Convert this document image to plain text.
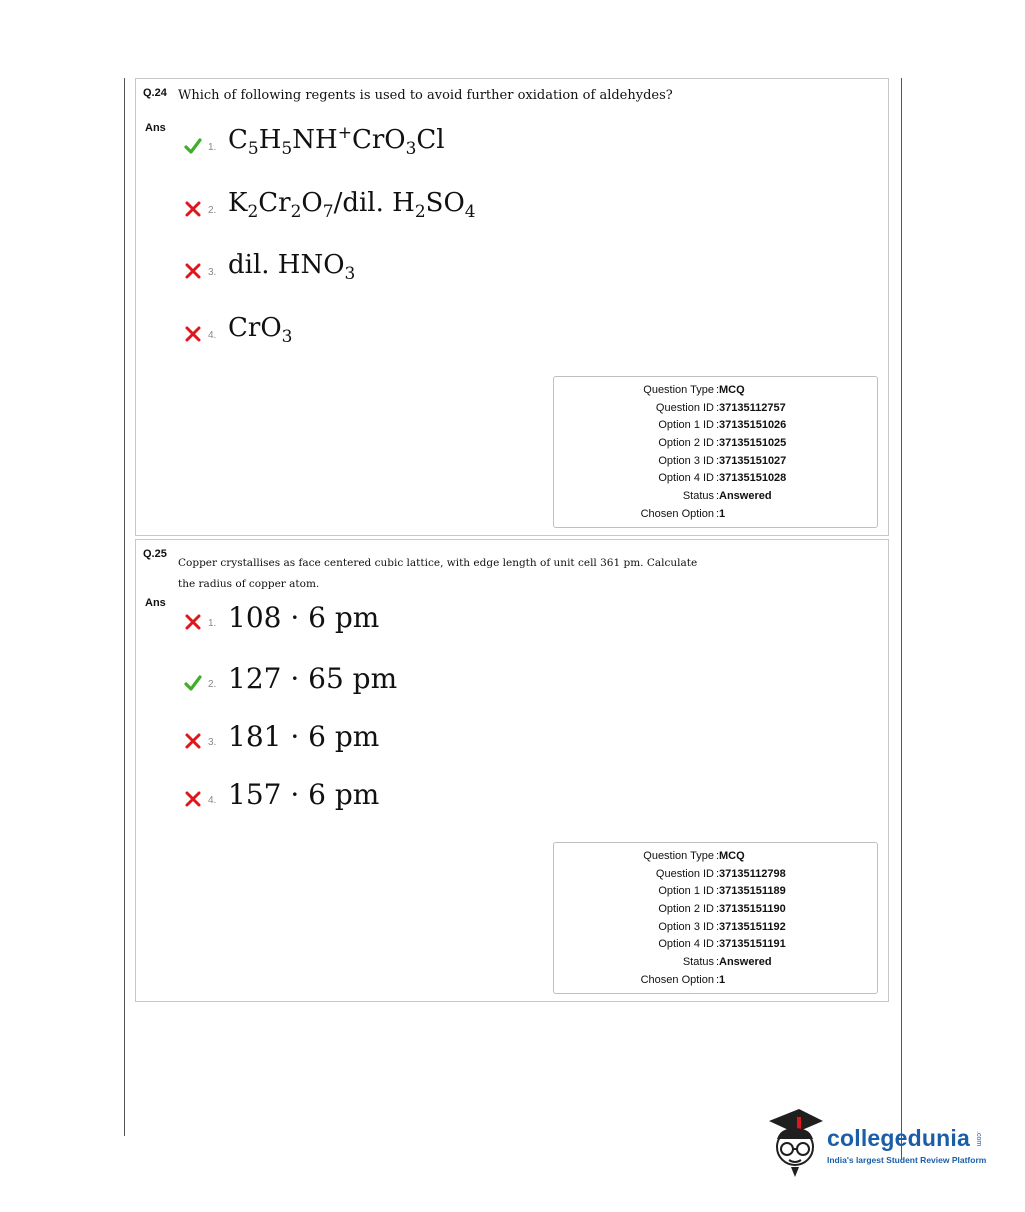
Q.24 Which of following regents is used to avoid further oxidation of aldehydes?
Ans
1. $C_5H_5NH^+CrO_3Cl$
2. $K_2Cr_2O_7$/dil. $H_2SO_4$
3. dil. $HNO_3$
4. CrO$_3$
Question Type : MCQ
Question ID : 37135112757
Option 1 ID : 37135151026
Option 2 ID : 37135151025
Option 3 ID : 37135151027
Option 4 ID : 37135151028
Status : Answered
Chosen Option : 1
Q.25
Copper crystallises as face centered cubic lattice, with edge length of unit cell 361 pm. Calculate
the radius of copper atom.
Ans
1. 108 · 6 pm
2. 127 · 65 pm
3. 181 · 6 pm
4. 157 · 6 pm
Question Type : MCQ
Question ID : 37135112798
Option 1 ID : 37135151189
Option 2 ID : 37135151190
Option 3 ID : 37135151192
Option 4 ID : 37135151191
Status : Answered
Chosen Option : 1
collegedunia .com
India's largest Student Review Platform
